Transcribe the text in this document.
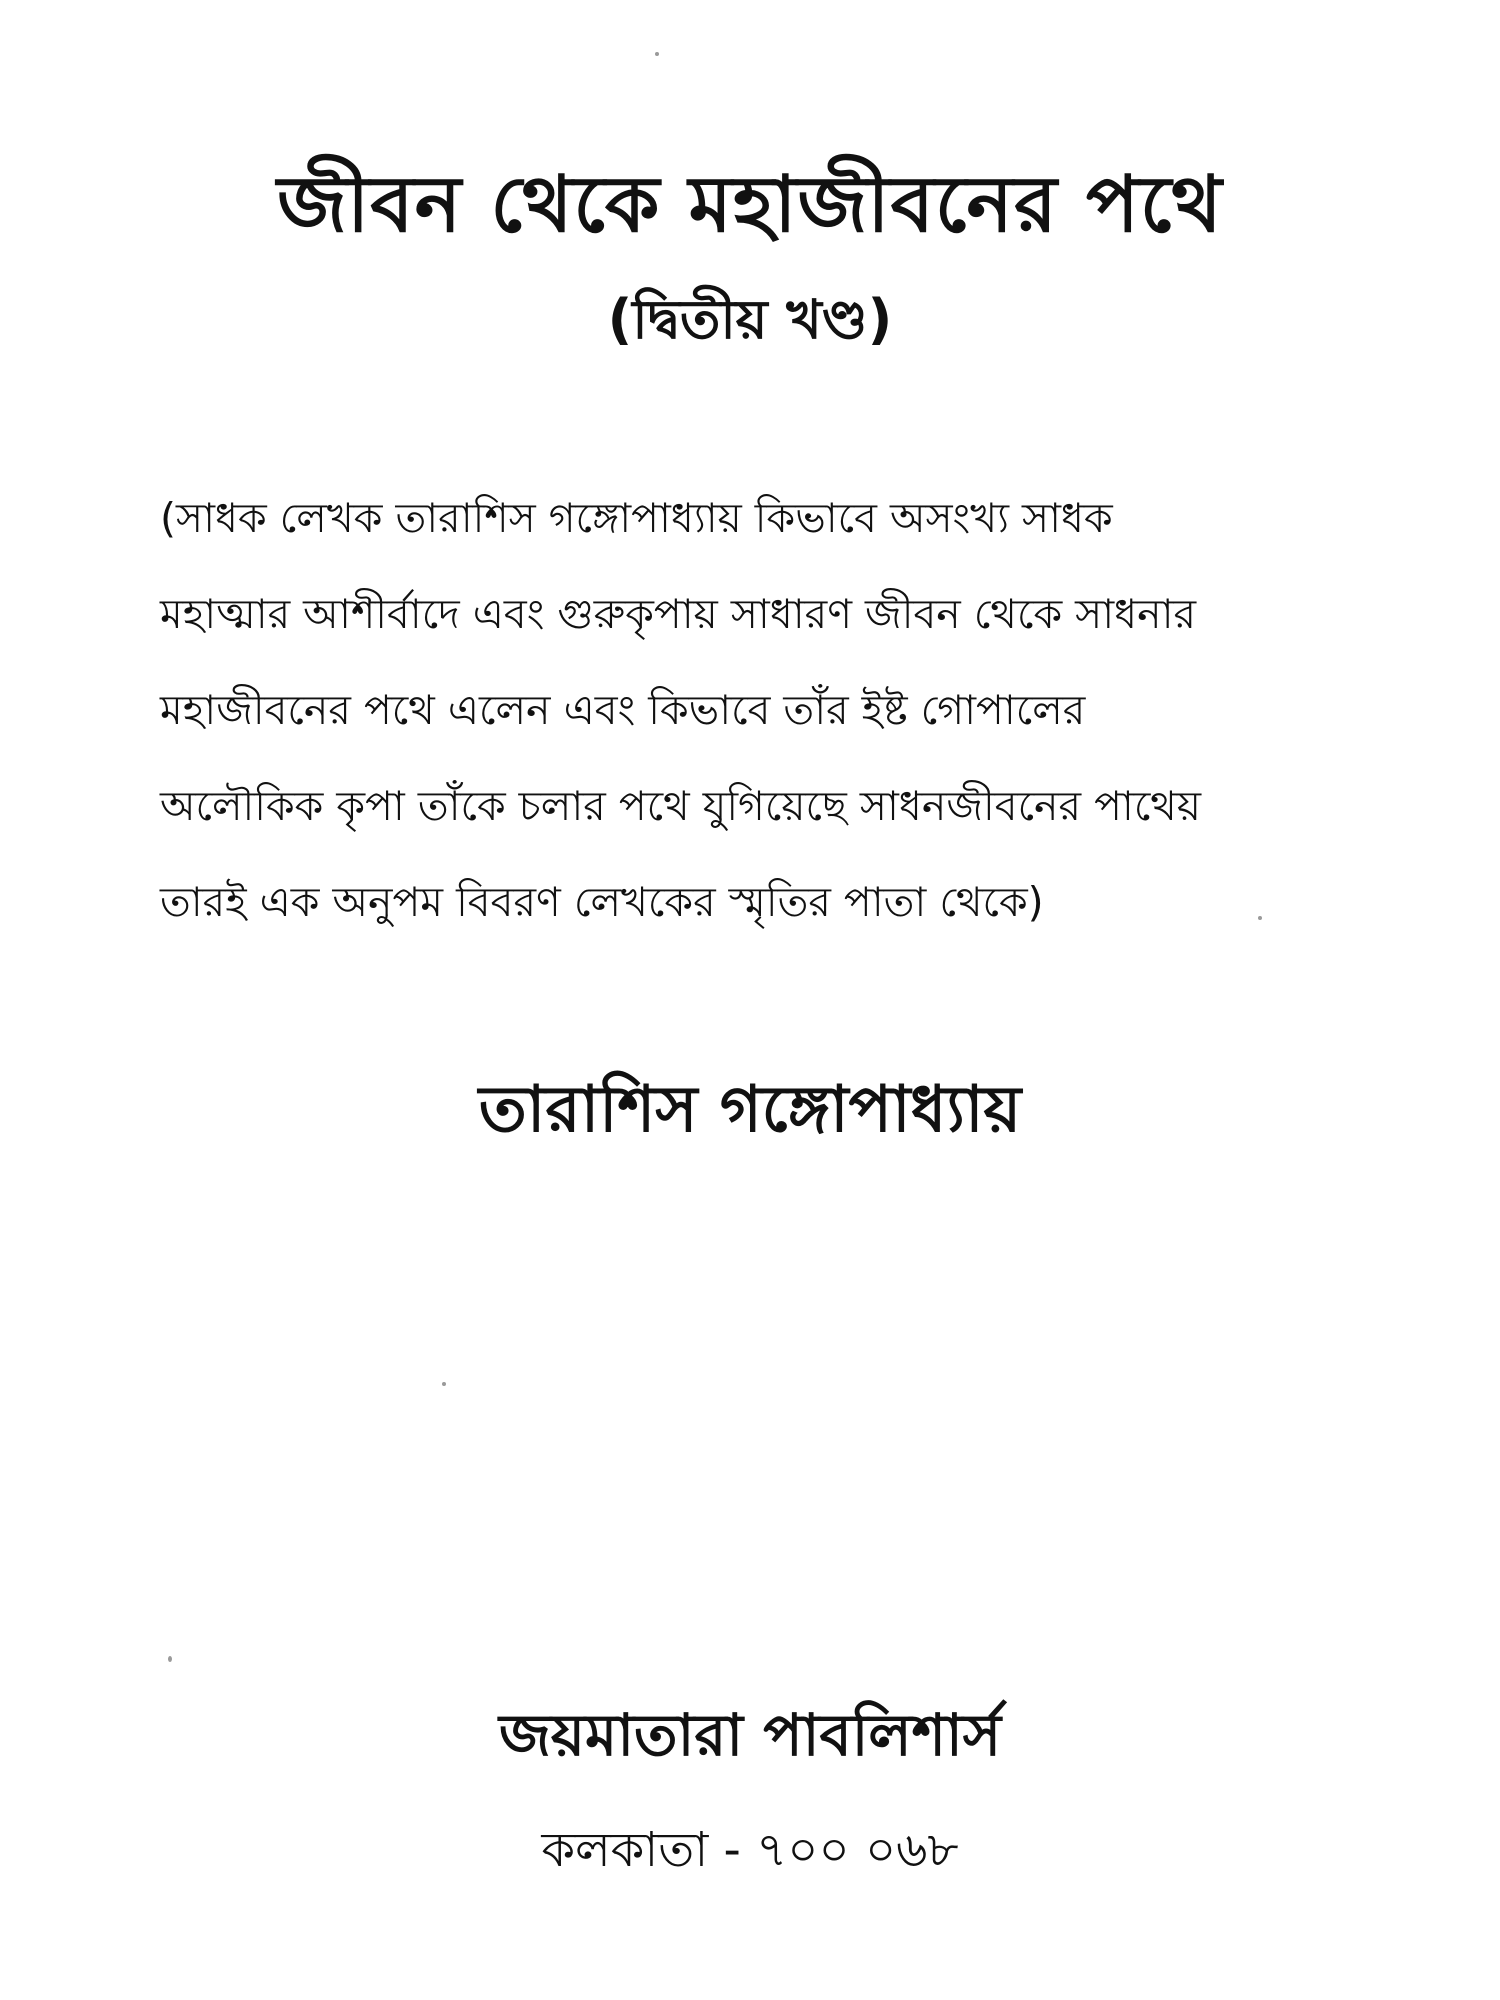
জীবন থেকে মহাজীবনের পথে
(দ্বিতীয় খণ্ড)
(সাধক লেখক তারাশিস গঙ্গোপাধ্যায় কিভাবে অসংখ্য সাধক
মহাত্মার আশীর্বাদে এবং গুরুকৃপায় সাধারণ জীবন থেকে সাধনার
মহাজীবনের পথে এলেন এবং কিভাবে তাঁর ইষ্ট গোপালের
অলৌকিক কৃপা তাঁকে চলার পথে যুগিয়েছে সাধনজীবনের পাথেয়
তারই এক অনুপম বিবরণ লেখকের স্মৃতির পাতা থেকে)
তারাশিস গঙ্গোপাধ্যায়
জয়মাতারা পাবলিশার্স
কলকাতা - ৭০০ ০৬৮
